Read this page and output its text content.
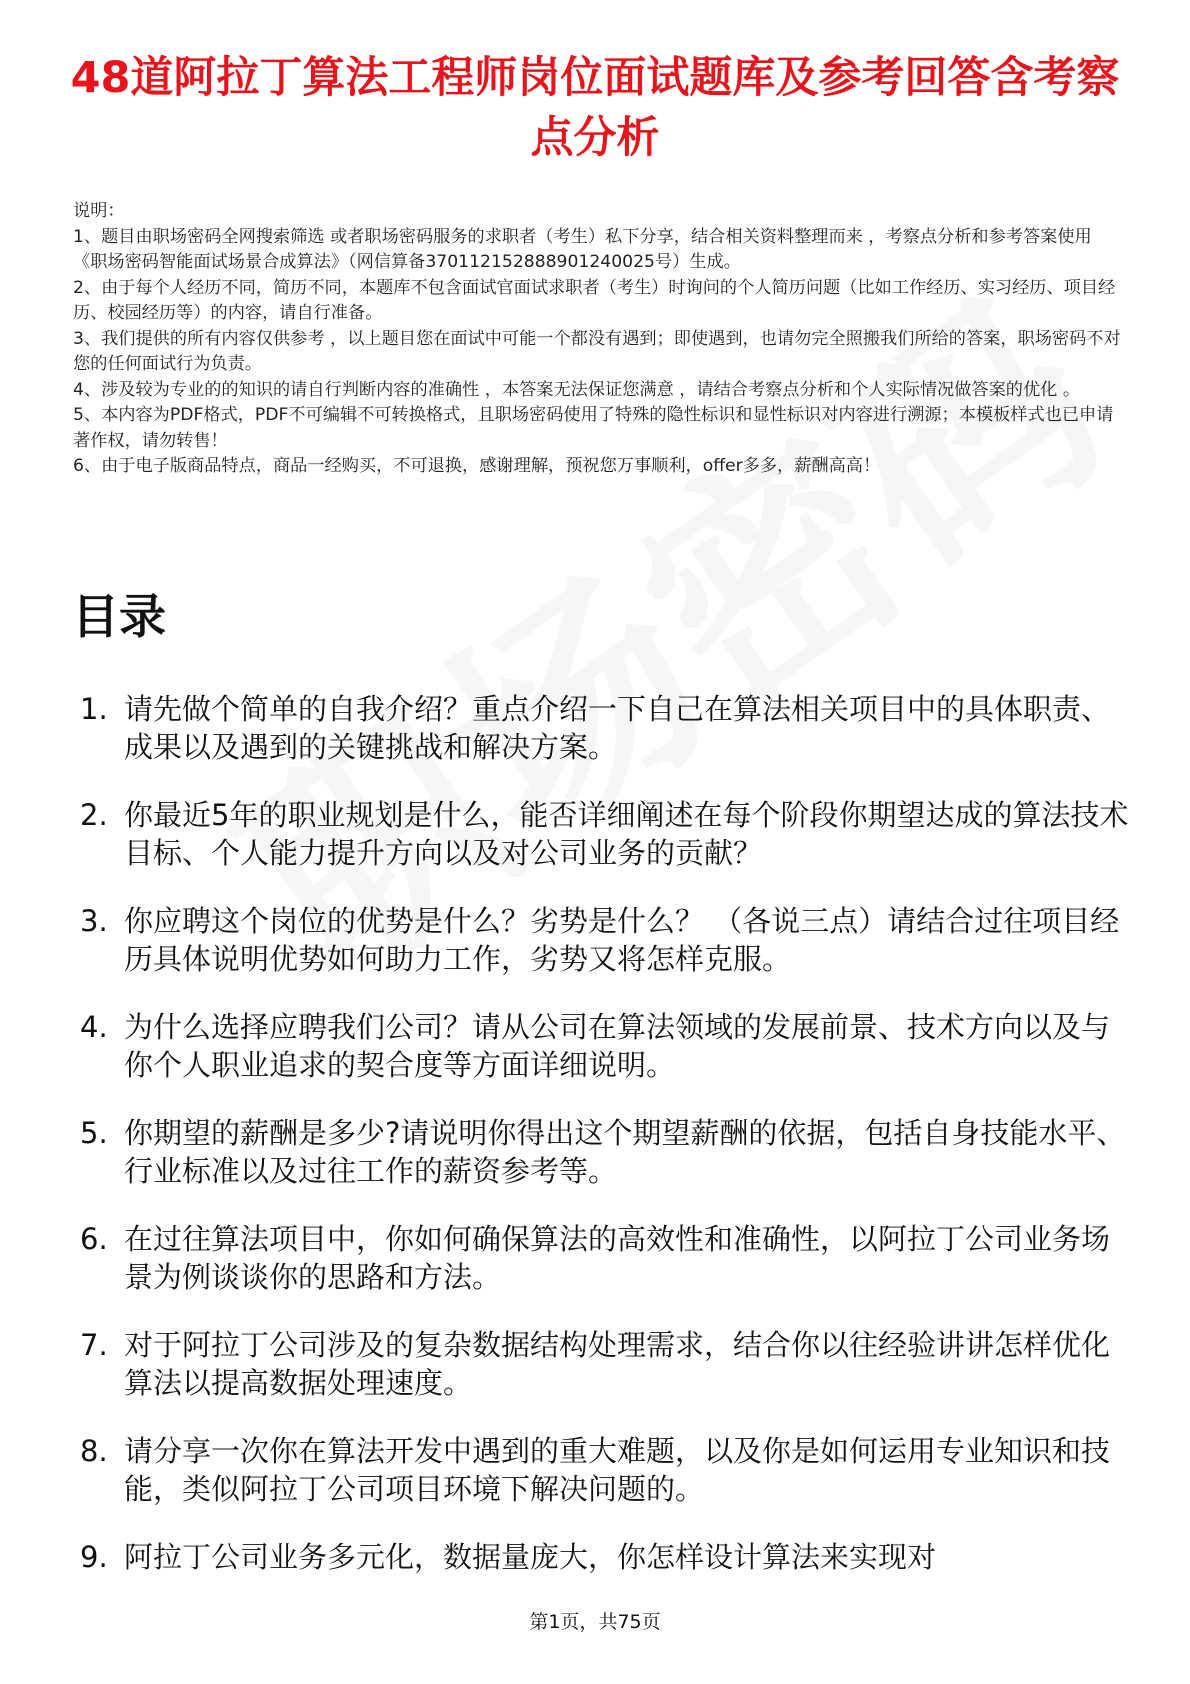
48道阿拉丁算法工程师岗位面试题库及参考回答含考察点分析

说明：

1、题目由职场密码全网搜索筛选 或者职场密码服务的求职者（考生）私下分享，结合相关资料整理而来 ，考察点分析和参考答案使用《职场密码智能面试场景合成算法》（网信算备370112152888901240025号）生成。

2、由于每个人经历不同，简历不同，本题库不包含面试官面试求职者（考生）时询问的个人简历问题（比如工作经历、实习经历、项目经历、校园经历等）的内容，请自行准备。

3、我们提供的所有内容仅供参考 ，以上题目您在面试中可能一个都没有遇到；即使遇到，也请勿完全照搬我们所给的答案，职场密码不对您的任何面试行为负责。

4、涉及较为专业的的知识的请自行判断内容的准确性 ，本答案无法保证您满意 ，请结合考察点分析和个人实际情况做答案的优化 。

5、本内容为PDF格式，PDF不可编辑不可转换格式，且职场密码使用了特殊的隐性标识和显性标识对内容进行溯源；本模板样式也已申请著作权，请勿转售！

6、由于电子版商品特点，商品一经购买，不可退换，感谢理解，预祝您万事顺利，offer多多，薪酬高高！

目录
1. 请先做个简单的自我介绍？重点介绍一下自己在算法相关项目中的具体职责、成果以及遇到的关键挑战和解决方案。
2. 你最近5年的职业规划是什么，能否详细阐述在每个阶段你期望达成的算法技术目标、个人能力提升方向以及对公司业务的贡献？
3. 你应聘这个岗位的优势是什么？劣势是什么？ （各说三点）请结合过往项目经历具体说明优势如何助力工作，劣势又将怎样克服。
4. 为什么选择应聘我们公司？请从公司在算法领域的发展前景、技术方向以及与你个人职业追求的契合度等方面详细说明。
5. 你期望的薪酬是多少?请说明你得出这个期望薪酬的依据，包括自身技能水平、行业标准以及过往工作的薪资参考等。
6. 在过往算法项目中，你如何确保算法的高效性和准确性，以阿拉丁公司业务场景为例谈谈你的思路和方法。
7. 对于阿拉丁公司涉及的复杂数据结构处理需求，结合你以往经验讲讲怎样优化算法以提高数据处理速度。
8. 请分享一次你在算法开发中遇到的重大难题，以及你是如何运用专业知识和技能，类似阿拉丁公司项目环境下解决问题的。
9. 阿拉丁公司业务多元化，数据量庞大，你怎样设计算法来实现对
第1页，共75页
